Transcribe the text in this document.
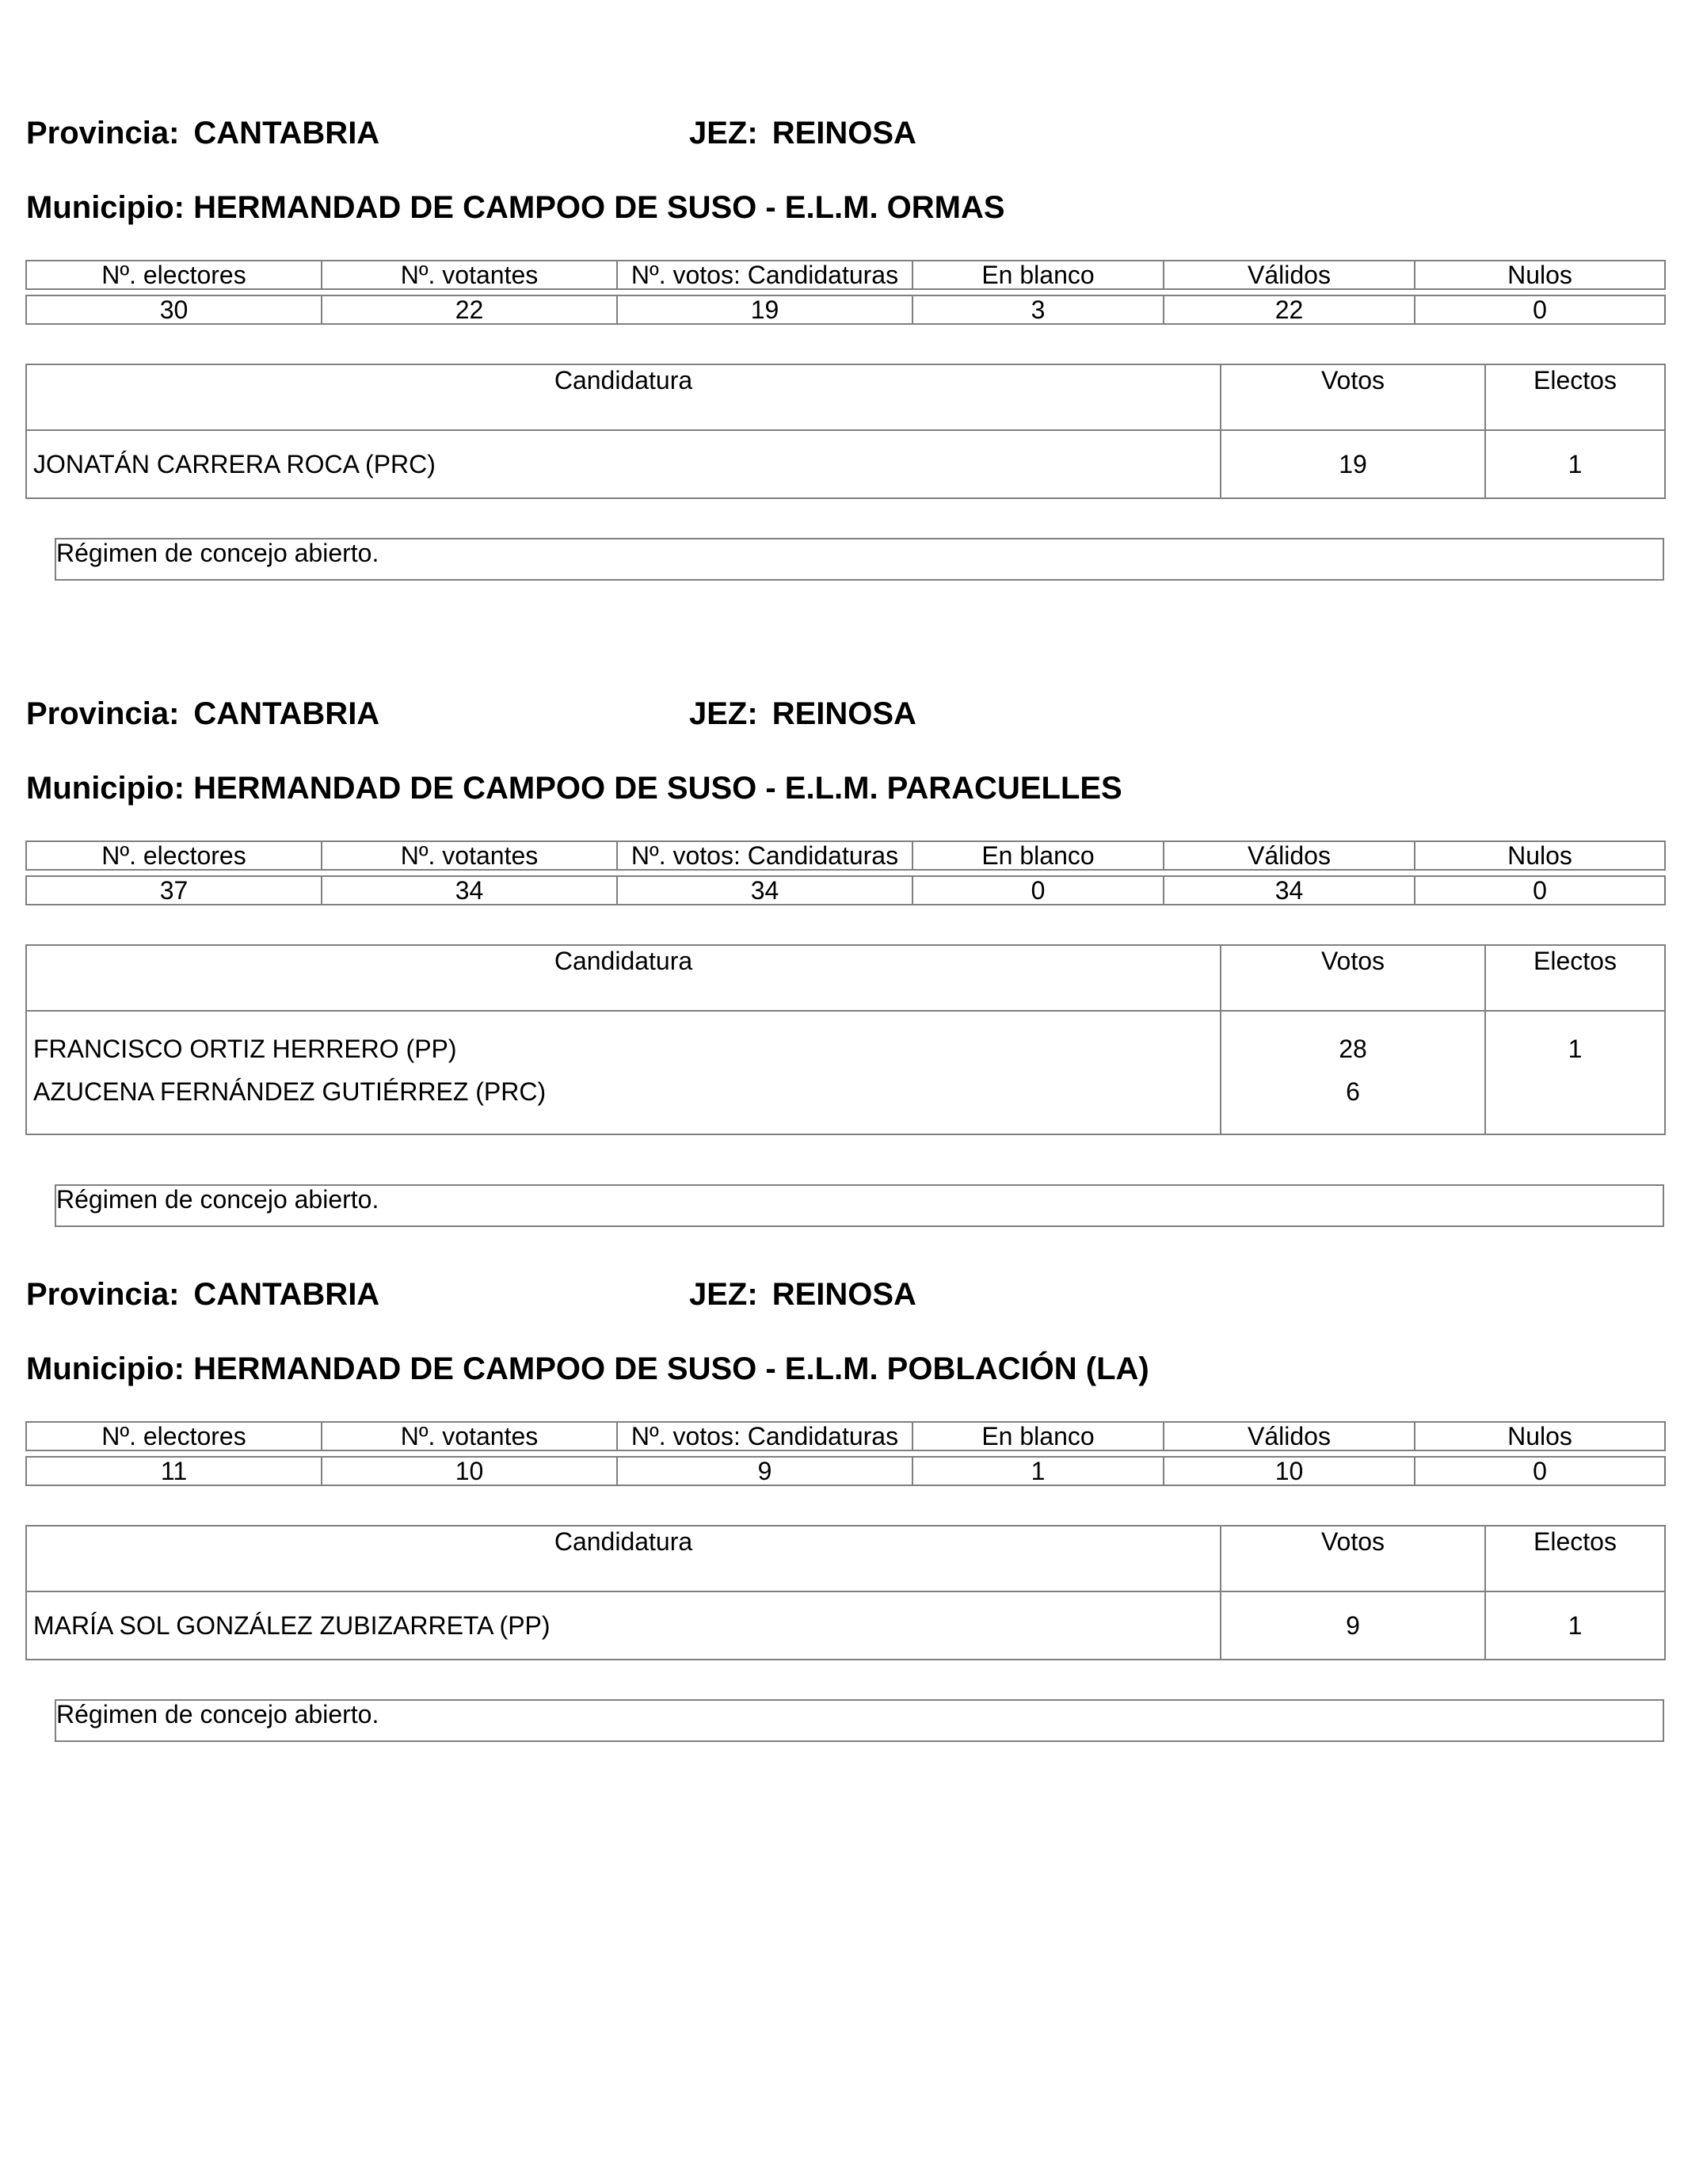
Provincia: CANTABRIA	JEZ: REINOSA
Municipio: HERMANDAD DE CAMPOO DE SUSO - E.L.M. ORMAS
Nº. electores	Nº. votantes	Nº. votos: Candidaturas	En blanco	Válidos	Nulos

30	22	19	3	22	0
Candidatura	Votos	Electos
JONATÁN CARRERA ROCA (PRC)	19	1
Régimen de concejo abierto.
Provincia: CANTABRIA	JEZ: REINOSA
Municipio: HERMANDAD DE CAMPOO DE SUSO - E.L.M. PARACUELLES
Nº. electores	Nº. votantes	Nº. votos: Candidaturas	En blanco	Válidos	Nulos

37	34	34	0	34	0
Candidatura	Votos	Electos
FRANCISCO ORTIZ HERRERO (PP)	28	1
AZUCENA FERNÁNDEZ GUTIÉRREZ (PRC)	6	
Régimen de concejo abierto.
Provincia: CANTABRIA	JEZ: REINOSA
Municipio: HERMANDAD DE CAMPOO DE SUSO - E.L.M. POBLACIÓN (LA)
Nº. electores	Nº. votantes	Nº. votos: Candidaturas	En blanco	Válidos	Nulos

11	10	9	1	10	0
Candidatura	Votos	Electos
MARÍA SOL GONZÁLEZ ZUBIZARRETA (PP)	9	1
Régimen de concejo abierto.
